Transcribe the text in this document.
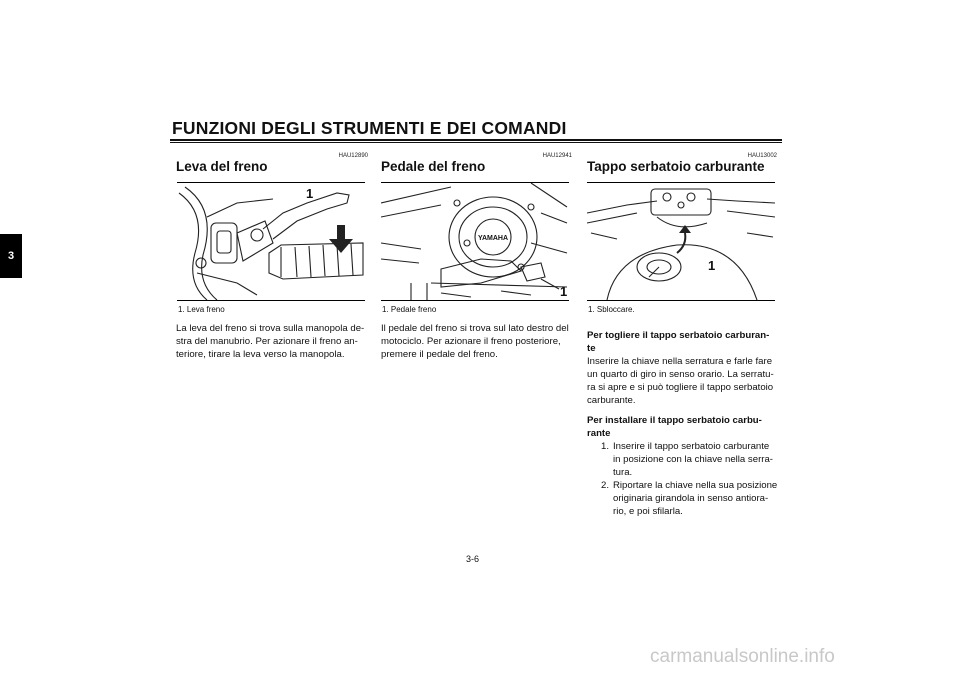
FUNZIONI DEGLI STRUMENTI E DEI COMANDI
3
HAU12890
Leva del freno
1
1. Leva freno
La leva del freno si trova sulla manopola de-
stra del manubrio. Per azionare il freno an-
teriore, tirare la leva verso la manopola.
HAU12941
Pedale del freno
YAMAHA
1
1. Pedale freno
Il pedale del freno si trova sul lato destro del
motociclo. Per azionare il freno posteriore,
premere il pedale del freno.
HAU13002
Tappo serbatoio carburante
1
1. Sbloccare.
Per togliere il tappo serbatoio carburan-
te
Inserire la chiave nella serratura e farle fare
un quarto di giro in senso orario. La serratu-
ra si apre e si può togliere il tappo serbatoio
carburante.
Per installare il tappo serbatoio carbu-
rante
1. Inserire il tappo serbatoio carburante
in posizione con la chiave nella serra-
tura.
2. Riportare la chiave nella sua posizione
originaria girandola in senso antiora-
rio, e poi sfilarla.
3-6
carmanualsonline.info
